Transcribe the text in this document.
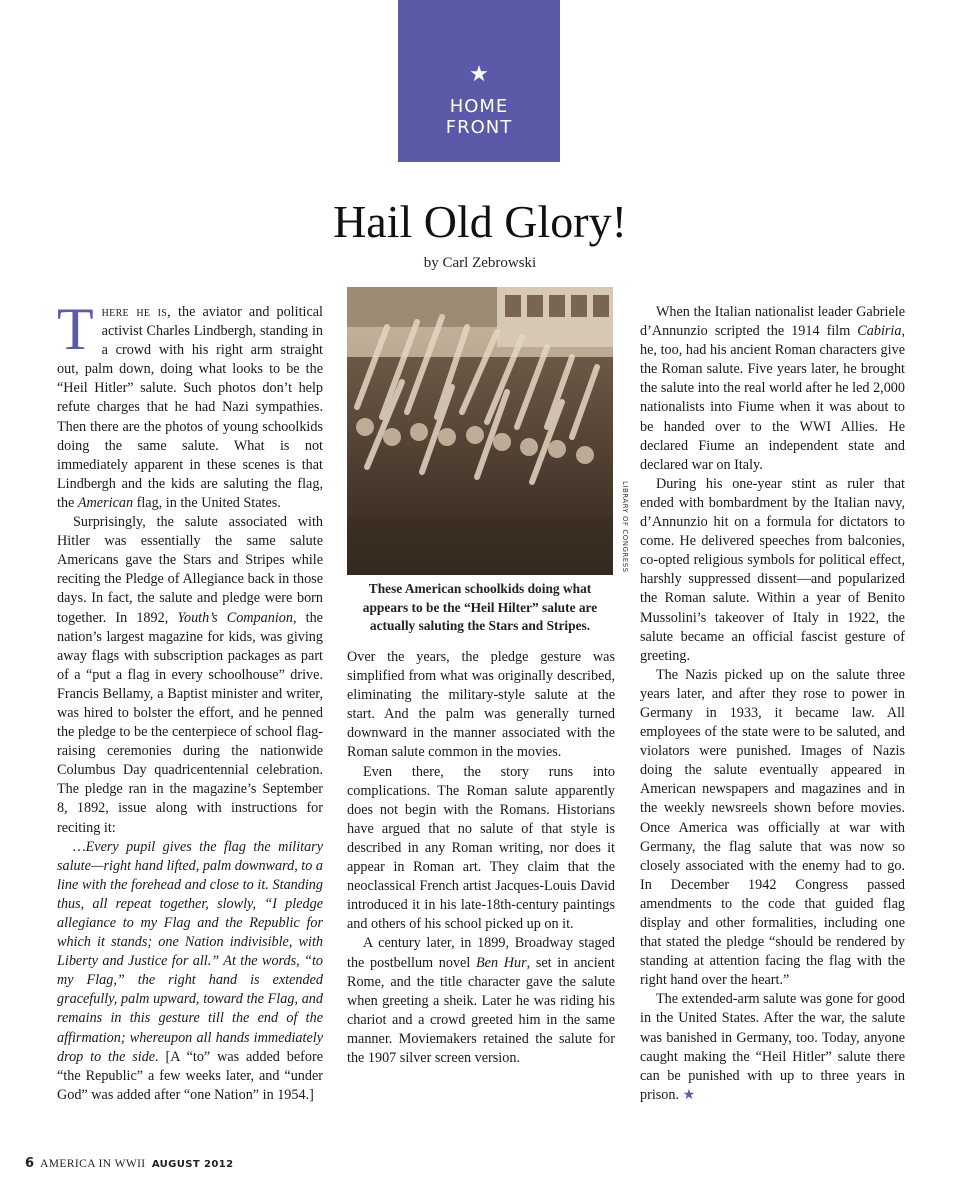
★
HOME
FRONT
Hail Old Glory!
by Carl Zebrowski
LIBRARY OF CONGRESS
These American schoolkids doing what appears to be the “Heil Hilter” salute are actually saluting the Stars and Stripes.

There he is, the aviator and political activist Charles Lindbergh, standing in a crowd with his right arm straight out, palm down, doing what looks to be the “Heil Hitler” salute. Such photos don’t help refute charges that he had Nazi sympathies. Then there are the photos of young schoolkids doing the same salute. What is not immediately apparent in these scenes is that Lindbergh and the kids are saluting the flag, the American flag, in the United States.

Surprisingly, the salute associated with Hitler was essentially the same salute Americans gave the Stars and Stripes while reciting the Pledge of Allegiance back in those days. In fact, the salute and pledge were born together. In 1892, Youth’s Companion, the nation’s largest magazine for kids, was giving away flags with subscription packages as part of a “put a flag in every schoolhouse” drive. Francis Bellamy, a Baptist minister and writer, was hired to bolster the effort, and he penned the pledge to be the centerpiece of school flag-raising ceremonies during the nationwide Columbus Day quadricentennial celebration. The pledge ran in the magazine’s September 8, 1892, issue along with instructions for reciting it:

…Every pupil gives the flag the military salute—right hand lifted, palm downward, to a line with the forehead and close to it. Standing thus, all repeat together, slowly, “I pledge allegiance to my Flag and the Republic for which it stands; one Nation indivisible, with Liberty and Justice for all.” At the words, “to my Flag,” the right hand is extended gracefully, palm upward, toward the Flag, and remains in this gesture till the end of the affirmation; whereupon all hands immediately drop to the side. [A “to” was added before “the Republic” a few weeks later, and “under God” was added after “one Nation” in 1954.]

Over the years, the pledge gesture was simplified from what was originally described, eliminating the military-style salute at the start. And the palm was generally turned downward in the manner associated with the Roman salute common in the movies.

Even there, the story runs into complications. The Roman salute apparently does not begin with the Romans. Historians have argued that no salute of that style is described in any Roman writing, nor does it appear in Roman art. They claim that the neoclassical French artist Jacques-Louis David introduced it in his late-18th-century paintings and others of his school picked up on it.

A century later, in 1899, Broadway staged the postbellum novel Ben Hur, set in ancient Rome, and the title character gave the salute when greeting a sheik. Later he was riding his chariot and a crowd greeted him in the same manner. Moviemakers retained the salute for the 1907 silver screen version.

When the Italian nationalist leader Gabriele d’Annunzio scripted the 1914 film Cabiria, he, too, had his ancient Roman characters give the Roman salute. Five years later, he brought the salute into the real world after he led 2,000 nationalists into Fiume when it was about to be handed over to the WWI Allies. He declared Fiume an independent state and declared war on Italy.

During his one-year stint as ruler that ended with bombardment by the Italian navy, d’Annunzio hit on a formula for dictators to come. He delivered speeches from balconies, co-opted religious symbols for political effect, harshly suppressed dissent—and popularized the Roman salute. Within a year of Benito Mussolini’s takeover of Italy in 1922, the salute became an official fascist gesture of greeting.

The Nazis picked up on the salute three years later, and after they rose to power in Germany in 1933, it became law. All employees of the state were to be saluted, and violators were punished. Images of Nazis doing the salute eventually appeared in American newspapers and magazines and in the weekly newsreels shown before movies. Once America was officially at war with Germany, the flag salute that was now so closely associated with the enemy had to go. In December 1942 Congress passed amendments to the code that guided flag display and other formalities, including one that stated the pledge “should be rendered by standing at attention facing the flag with the right hand over the heart.”

The extended-arm salute was gone for good in the United States. After the war, the salute was banished in Germany, too. Today, anyone caught making the “Heil Hitler” salute there can be punished with up to three years in prison. ★

6 AMERICA IN WWII AUGUST 2012
